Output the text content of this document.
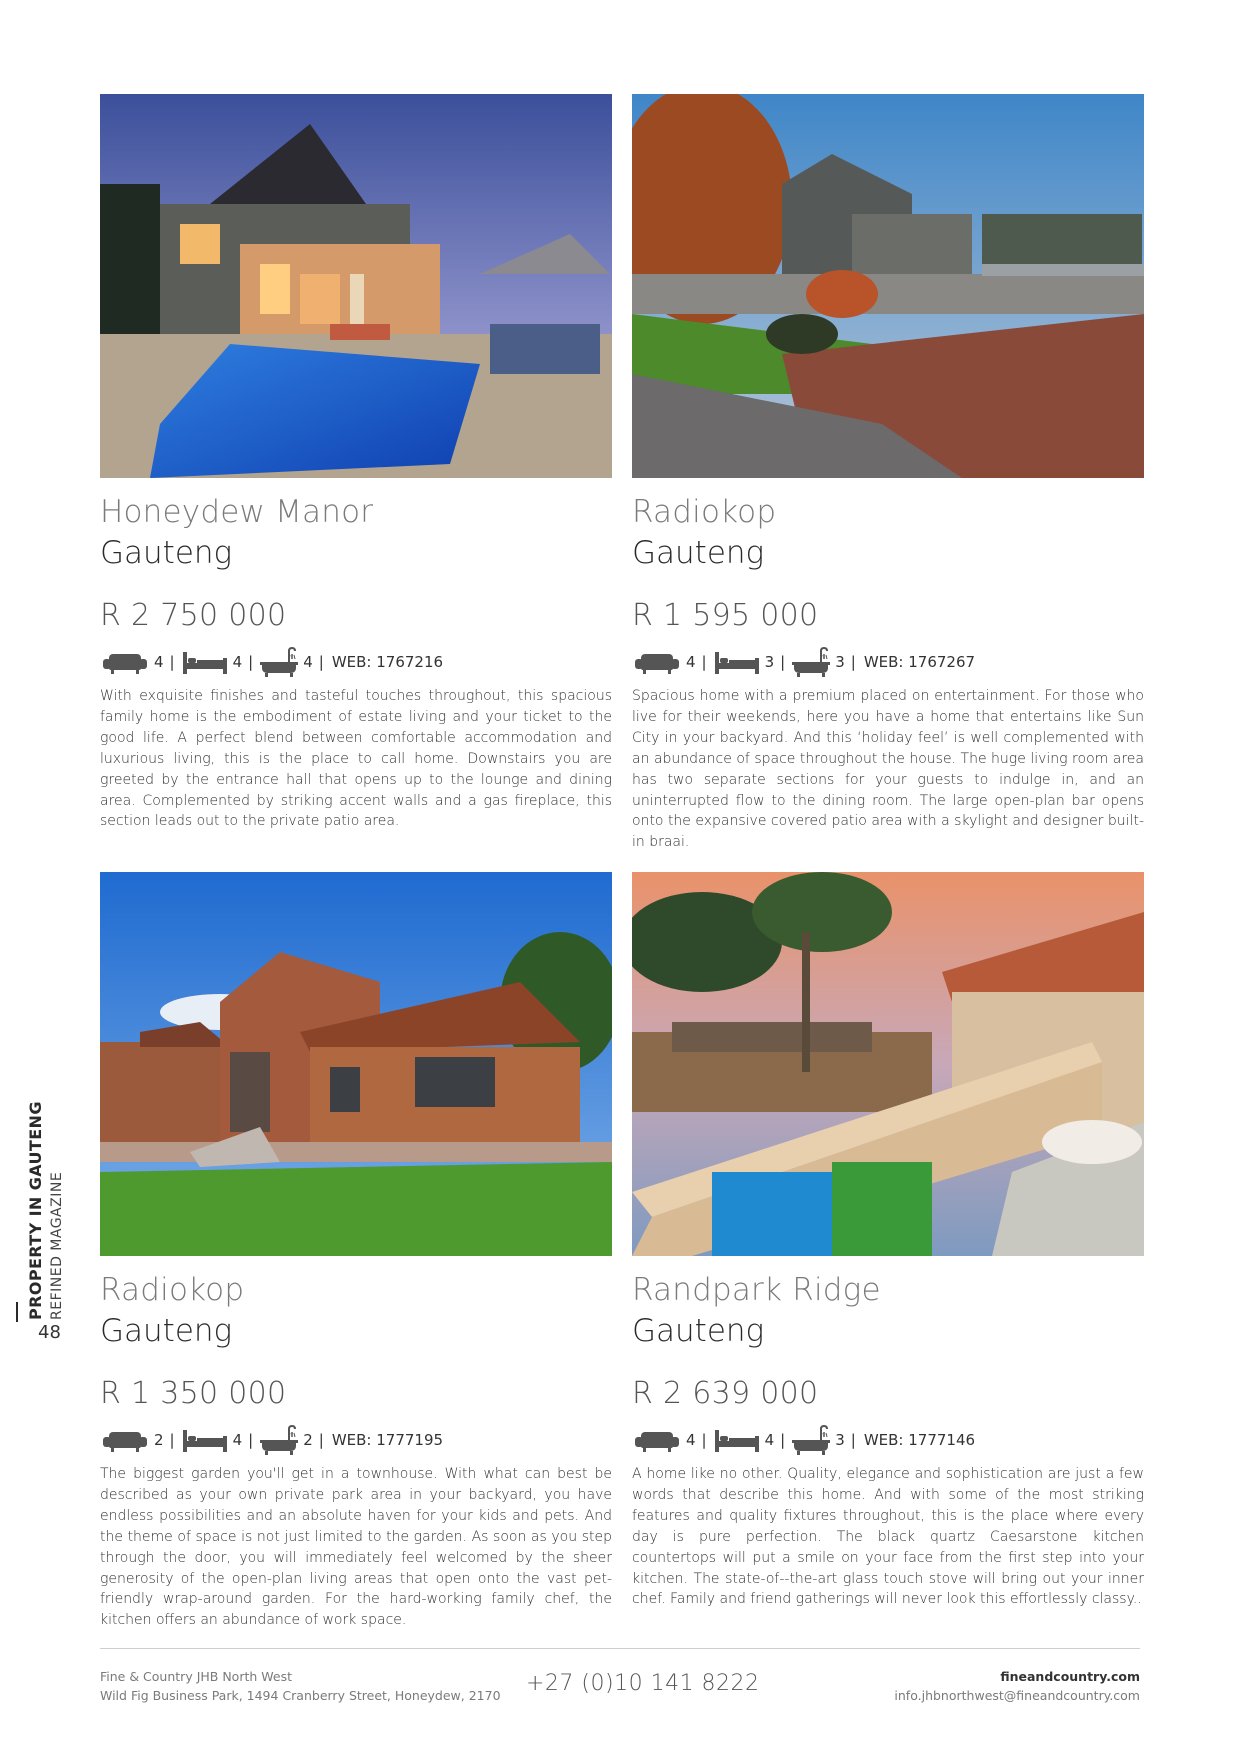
Honeydew Manor
Gauteng
R 2 750 000
4 |	4 |	4 | WEB: 1767216
With exquisite finishes and tasteful touches throughout, this spacious family home is the embodiment of estate living and your ticket to the good life. A perfect blend between comfortable accommodation and luxurious living, this is the place to call home. Downstairs you are greeted by the entrance hall that opens up to the lounge and dining area. Complemented by striking accent walls and a gas fireplace, this section leads out to the private patio area.
Radiokop
Gauteng
R 1 595 000
4 |	3 |	3 | WEB: 1767267
Spacious home with a premium placed on entertainment. For those who live for their weekends, here you have a home that entertains like Sun City in your backyard. And this ‘holiday feel’ is well complemented with an abundance of space throughout the house. The huge living room area has two separate sections for your guests to indulge in, and an uninterrupted flow to the dining room. The large open-plan bar opens onto the expansive covered patio area with a skylight and designer built-in braai.
Radiokop
Gauteng
R 1 350 000
2 |	4 |	2 | WEB: 1777195
The biggest garden you'll get in a townhouse. With what can best be described as your own private park area in your backyard, you have endless possibilities and an absolute haven for your kids and pets. And the theme of space is not just limited to the garden. As soon as you step through the door, you will immediately feel welcomed by the sheer generosity of the open-plan living areas that open onto the vast pet-friendly wrap-around garden. For the hard-working family chef, the kitchen offers an abundance of work space.
Randpark Ridge
Gauteng
R 2 639 000
4 |	4 |	3 | WEB: 1777146
A home like no other. Quality, elegance and sophistication are just a few words that describe this home. And with some of the most striking features and quality fixtures throughout, this is the place where every day is pure perfection. The black quartz Caesarstone kitchen countertops will put a smile on your face from the first step into your kitchen. The state-of--the-art glass touch stove will bring out your inner chef. Family and friend gatherings will never look this effortlessly classy..
PROPERTY IN GAUTENG REFINED MAGAZINE
48
Fine & Country JHB North West
Wild Fig Business Park, 1494 Cranberry Street, Honeydew, 2170 +27 (0)10 141 8222	fineandcountry.com
info.jhbnorthwest@fineandcountry.com
